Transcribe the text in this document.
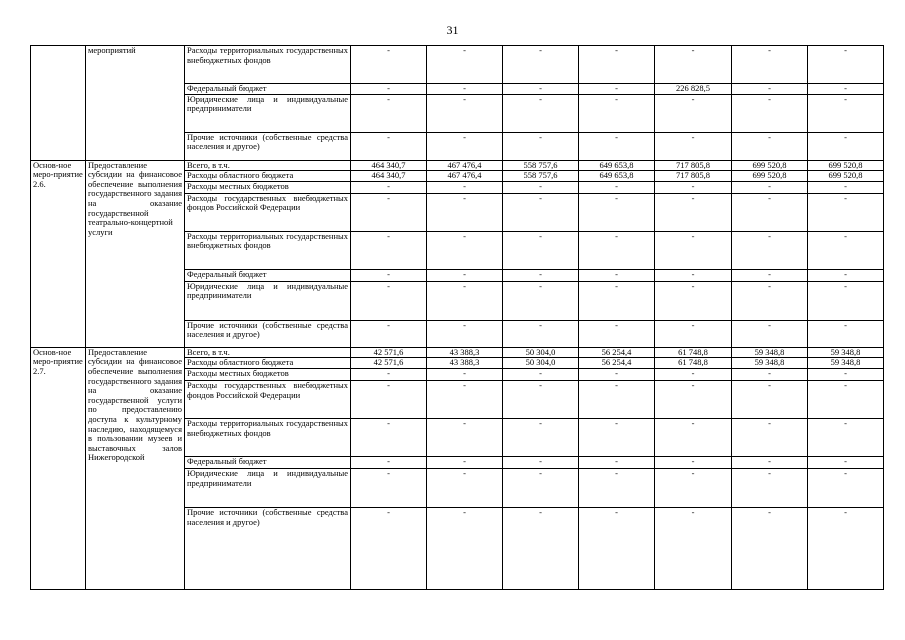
31
	мероприятий	Расходы территориальных государственных внебюджетных фондов	-	-	-	-	-	-	-
		Федеральный бюджет	-	-	-	-	226 828,5	-	-
		Юридические лица и индивидуальные предприниматели	-	-	-	-	-	-	-
		Прочие источники (собственные средства населения и другое)	-	-	-	-	-	-	-
Основ-ное меро-приятие 2.6.	Предоставление субсидии на финансовое обеспечение выполнения государственного задания на оказание государственной театрально-концертной услуги	Всего, в т.ч.	464 340,7	467 476,4	558 757,6	649 653,8	717 805,8	699 520,8	699 520,8
		Расходы областного бюджета	464 340,7	467 476,4	558 757,6	649 653,8	717 805,8	699 520,8	699 520,8
		Расходы местных бюджетов	-	-	-	-	-	-	-
		Расходы государственных внебюджетных фондов Российской Федерации	-	-	-	-	-	-	-
		Расходы территориальных государственных внебюджетных фондов	-	-	-	-	-	-	-
		Федеральный бюджет	-	-	-	-	-	-	-
		Юридические лица и индивидуальные предприниматели	-	-	-	-	-	-	-
		Прочие источники (собственные средства населения и другое)	-	-	-	-	-	-	-
Основ-ное меро-приятие 2.7.	Предоставление субсидии на финансовое обеспечение выполнения государственного задания на оказание государственной услуги по предоставлению доступа к культурному наследию, находящемуся в пользовании музеев и выставочных залов Нижегородской	Всего, в т.ч.	42 571,6	43 388,3	50 304,0	56 254,4	61 748,8	59 348,8	59 348,8
		Расходы областного бюджета	42 571,6	43 388,3	50 304,0	56 254,4	61 748,8	59 348,8	59 348,8
		Расходы местных бюджетов	-	-	-	-	-	-	-
		Расходы государственных внебюджетных фондов Российской Федерации	-	-	-	-	-	-	-
		Расходы территориальных государственных внебюджетных фондов	-	-	-	-	-	-	-
		Федеральный бюджет	-	-	-	-	-	-	-
		Юридические лица и индивидуальные предприниматели	-	-	-	-	-	-	-
		Прочие источники (собственные средства населения и другое)	-	-	-	-	-	-	-
